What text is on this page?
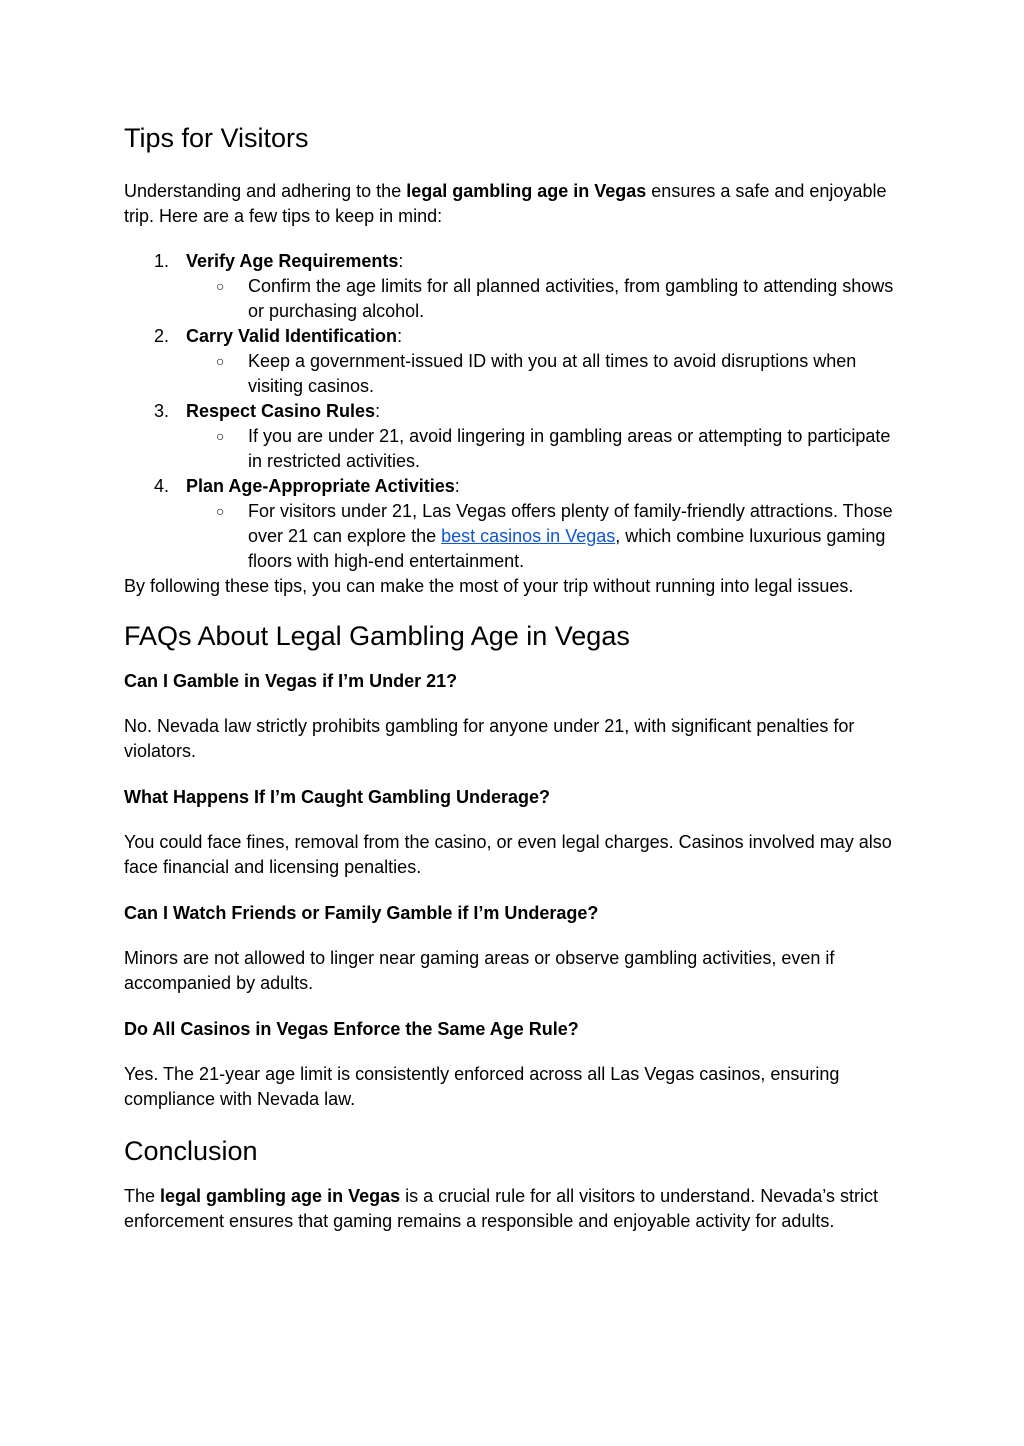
Tips for Visitors

Understanding and adhering to the legal gambling age in Vegas ensures a safe and enjoyable trip. Here are a few tips to keep in mind:

1. Verify Age Requirements:
○ Confirm the age limits for all planned activities, from gambling to attending shows or purchasing alcohol.
2. Carry Valid Identification:
○ Keep a government-issued ID with you at all times to avoid disruptions when visiting casinos.
3. Respect Casino Rules:
○ If you are under 21, avoid lingering in gambling areas or attempting to participate in restricted activities.
4. Plan Age-Appropriate Activities:
○ For visitors under 21, Las Vegas offers plenty of family-friendly attractions. Those over 21 can explore the best casinos in Vegas, which combine luxurious gaming floors with high-end entertainment.

By following these tips, you can make the most of your trip without running into legal issues.

FAQs About Legal Gambling Age in Vegas

Can I Gamble in Vegas if I’m Under 21?

No. Nevada law strictly prohibits gambling for anyone under 21, with significant penalties for violators.

What Happens If I’m Caught Gambling Underage?

You could face fines, removal from the casino, or even legal charges. Casinos involved may also face financial and licensing penalties.

Can I Watch Friends or Family Gamble if I’m Underage?

Minors are not allowed to linger near gaming areas or observe gambling activities, even if accompanied by adults.

Do All Casinos in Vegas Enforce the Same Age Rule?

Yes. The 21-year age limit is consistently enforced across all Las Vegas casinos, ensuring compliance with Nevada law.

Conclusion

The legal gambling age in Vegas is a crucial rule for all visitors to understand. Nevada’s strict enforcement ensures that gaming remains a responsible and enjoyable activity for adults.
